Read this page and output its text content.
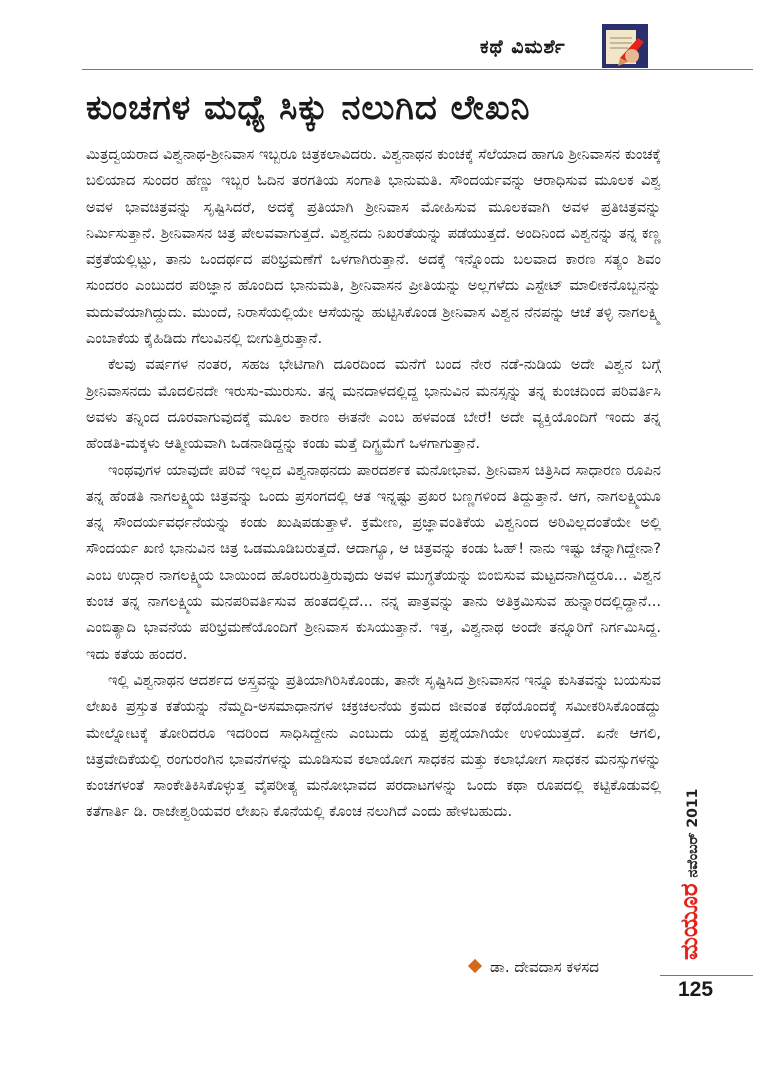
ಕಥೆ ವಿಮರ್ಶೆ
ಕುಂಚಗಳ ಮಧ್ಯೆ ಸಿಕ್ಕು ನಲುಗಿದ ಲೇಖನಿ

ಮಿತ್ರದ್ವಯರಾದ ವಿಶ್ವನಾಥ-ಶ್ರೀನಿವಾಸ ಇಬ್ಬರೂ ಚಿತ್ರಕಲಾವಿದರು. ವಿಶ್ವನಾಥನ ಕುಂಚಕ್ಕೆ ಸೆಲೆಯಾದ ಹಾಗೂ ಶ್ರೀನಿವಾಸನ ಕುಂಚಕ್ಕೆ ಬಲಿಯಾದ ಸುಂದರ ಹೆಣ್ಣು ಇಬ್ಬರ ಓದಿನ ತರಗತಿಯ ಸಂಗಾತಿ ಭಾನುಮತಿ. ಸೌಂದರ್ಯವನ್ನು ಆರಾಧಿಸುವ ಮೂಲಕ ವಿಶ್ವ ಅವಳ ಭಾವಚಿತ್ರವನ್ನು ಸೃಷ್ಟಿಸಿದರೆ, ಅದಕ್ಕೆ ಪ್ರತಿಯಾಗಿ ಶ್ರೀನಿವಾಸ ಮೋಹಿಸುವ ಮೂಲಕವಾಗಿ ಅವಳ ಪ್ರತಿಚಿತ್ರವನ್ನು ನಿರ್ಮಿಸುತ್ತಾನೆ. ಶ್ರೀನಿವಾಸನ ಚಿತ್ರ ಪೇಲವವಾಗುತ್ತದೆ. ವಿಶ್ವನದು ನಿಖರತೆಯನ್ನು ಪಡೆಯುತ್ತದೆ. ಅಂದಿನಿಂದ ವಿಶ್ವನನ್ನು ತನ್ನ ಕಣ್ಣ ವಕ್ರತೆಯಲ್ಲಿಟ್ಟು, ತಾನು ಒಂದರ್ಥದ ಪರಿಭ್ರಮಣೆಗೆ ಒಳಗಾಗಿರುತ್ತಾನೆ. ಅದಕ್ಕೆ ಇನ್ನೊಂದು ಬಲವಾದ ಕಾರಣ ಸತ್ಯಂ ಶಿವಂ ಸುಂದರಂ ಎಂಬುದರ ಪರಿಜ್ಞಾನ ಹೊಂದಿದ ಭಾನುಮತಿ, ಶ್ರೀನಿವಾಸನ ಪ್ರೀತಿಯನ್ನು ಅಲ್ಲಗಳೆದು ಎಸ್ಟೇಟ್ ಮಾಲೀಕನೊಬ್ಬನನ್ನು ಮದುವೆಯಾಗಿದ್ದುದು. ಮುಂದೆ, ನಿರಾಸೆಯಲ್ಲಿಯೇ ಆಸೆಯನ್ನು ಹುಟ್ಟಿಸಿಕೊಂಡ ಶ್ರೀನಿವಾಸ ವಿಶ್ವನ ನೆನಪನ್ನು ಆಚೆ ತಳ್ಳಿ ನಾಗಲಕ್ಷ್ಮಿ ಎಂಬಾಕೆಯ ಕೈಹಿಡಿದು ಗೆಲುವಿನಲ್ಲಿ ಬೀಗುತ್ತಿರುತ್ತಾನೆ.

ಕೆಲವು ವರ್ಷಗಳ ನಂತರ, ಸಹಜ ಭೇಟಿಗಾಗಿ ದೂರದಿಂದ ಮನೆಗೆ ಬಂದ ನೇರ ನಡೆ-ನುಡಿಯ ಅದೇ ವಿಶ್ವನ ಬಗ್ಗೆ ಶ್ರೀನಿವಾಸನದು ಮೊದಲಿನದೇ ಇರುಸು-ಮುರುಸು. ತನ್ನ ಮನದಾಳದಲ್ಲಿದ್ದ ಭಾನುವಿನ ಮನಸ್ಸನ್ನು ತನ್ನ ಕುಂಚದಿಂದ ಪರಿವರ್ತಿಸಿ ಅವಳು ತನ್ನಿಂದ ದೂರವಾಗುವುದಕ್ಕೆ ಮೂಲ ಕಾರಣ ಈತನೇ ಎಂಬ ಹಳವಂಡ ಬೇರೆ! ಅದೇ ವ್ಯಕ್ತಿಯೊಂದಿಗೆ ಇಂದು ತನ್ನ ಹೆಂಡತಿ-ಮಕ್ಕಳು ಆತ್ಮೀಯವಾಗಿ ಒಡನಾಡಿದ್ದನ್ನು ಕಂಡು ಮತ್ತೆ ದಿಗ್ಭ್ರಮೆಗೆ ಒಳಗಾಗುತ್ತಾನೆ.

ಇಂಥವುಗಳ ಯಾವುದೇ ಪರಿವೆ ಇಲ್ಲದ ವಿಶ್ವನಾಥನದು ಪಾರದರ್ಶಕ ಮನೋಭಾವ. ಶ್ರೀನಿವಾಸ ಚಿತ್ರಿಸಿದ ಸಾಧಾರಣ ರೂಪಿನ ತನ್ನ ಹೆಂಡತಿ ನಾಗಲಕ್ಷ್ಮಿಯ ಚಿತ್ರವನ್ನು ಒಂದು ಪ್ರಸಂಗದಲ್ಲಿ ಆತ ಇನ್ನಷ್ಟು ಪ್ರಖರ ಬಣ್ಣಗಳಿಂದ ತಿದ್ದುತ್ತಾನೆ. ಆಗ, ನಾಗಲಕ್ಷ್ಮಿಯೂ ತನ್ನ ಸೌಂದರ್ಯವರ್ಧನೆಯನ್ನು ಕಂಡು ಖುಷಿಪಡುತ್ತಾಳೆ. ಕ್ರಮೇಣ, ಪ್ರಜ್ಞಾವಂತಿಕೆಯ ವಿಶ್ವನಿಂದ ಅರಿವಿಲ್ಲದಂತೆಯೇ ಅಲ್ಲಿ ಸೌಂದರ್ಯ ಖಣಿ ಭಾನುವಿನ ಚಿತ್ರ ಒಡಮೂಡಿಬರುತ್ತದೆ. ಆದಾಗ್ಯೂ, ಆ ಚಿತ್ರವನ್ನು ಕಂಡು ಓಹ್! ನಾನು ಇಷ್ಟು ಚೆನ್ನಾಗಿದ್ದೇನಾ? ಎಂಬ ಉದ್ಗಾರ ನಾಗಲಕ್ಷ್ಮಿಯ ಬಾಯಿಂದ ಹೊರಬರುತ್ತಿರುವುದು ಅವಳ ಮುಗ್ಧತೆಯನ್ನು ಬಿಂಬಿಸುವ ಮಟ್ಟದನಾಗಿದ್ದರೂ... ವಿಶ್ವನ ಕುಂಚ ತನ್ನ ನಾಗಲಕ್ಷ್ಮಿಯ ಮನಪರಿವರ್ತಿಸುವ ಹಂತದಲ್ಲಿದೆ... ನನ್ನ ಪಾತ್ರವನ್ನು ತಾನು ಅತಿಕ್ರಮಿಸುವ ಹುನ್ನಾರದಲ್ಲಿದ್ದಾನೆ... ಎಂಬಿತ್ಯಾದಿ ಭಾವನೆಯ ಪರಿಭ್ರಮಣೆಯೊಂದಿಗೆ ಶ್ರೀನಿವಾಸ ಕುಸಿಯುತ್ತಾನೆ. ಇತ್ತ, ವಿಶ್ವನಾಥ ಅಂದೇ ತನ್ನೂರಿಗೆ ನಿರ್ಗಮಿಸಿದ್ದ. ಇದು ಕತೆಯ ಹಂದರ.

ಇಲ್ಲಿ ವಿಶ್ವನಾಥನ ಆದರ್ಶದ ಅಸ್ತ್ರವನ್ನು ಪ್ರತಿಯಾಗಿರಿಸಿಕೊಂಡು, ತಾನೇ ಸೃಷ್ಟಿಸಿದ ಶ್ರೀನಿವಾಸನ ಇನ್ನೂ ಕುಸಿತವನ್ನು ಬಯಸುವ ಲೇಖಕಿ ಪ್ರಸ್ತುತ ಕತೆಯನ್ನು ನೆಮ್ಮದಿ-ಅಸಮಾಧಾನಗಳ ಚಕ್ರಚಲನೆಯ ಕ್ರಮದ ಜೀವಂತ ಕಥೆಯೊಂದಕ್ಕೆ ಸಮೀಕರಿಸಿಕೊಂಡದ್ದು ಮೇಲ್ನೋಟಕ್ಕೆ ತೋರಿದರೂ ಇದರಿಂದ ಸಾಧಿಸಿದ್ದೇನು ಎಂಬುದು ಯಕ್ಷ ಪ್ರಶ್ನೆಯಾಗಿಯೇ ಉಳಿಯುತ್ತದೆ. ಏನೇ ಆಗಲಿ, ಚಿತ್ರವೇದಿಕೆಯಲ್ಲಿ ರಂಗುರಂಗಿನ ಭಾವನೆಗಳನ್ನು ಮೂಡಿಸುವ ಕಲಾಯೋಗ ಸಾಧಕನ ಮತ್ತು ಕಲಾಭೋಗ ಸಾಧಕನ ಮನಸ್ಸುಗಳನ್ನು ಕುಂಚಗಳಂತೆ ಸಾಂಕೇತಿಕಿಸಿಕೊಳ್ಳುತ್ತ ವೈಪರೀತ್ಯ ಮನೋಭಾವದ ಪರದಾಟಗಳನ್ನು ಒಂದು ಕಥಾ ರೂಪದಲ್ಲಿ ಕಟ್ಟಿಕೊಡುವಲ್ಲಿ ಕತೆಗಾರ್ತಿ ಡಿ. ರಾಜೇಶ್ವರಿಯವರ ಲೇಖನಿ ಕೊನೆಯಲ್ಲಿ ಕೊಂಚ ನಲುಗಿದೆ ಎಂದು ಹೇಳಬಹುದು.

ಡಾ. ದೇವದಾಸ ಕಳಸದ
ಮಯೂರನವೆಂಬರ್ 2011
125
